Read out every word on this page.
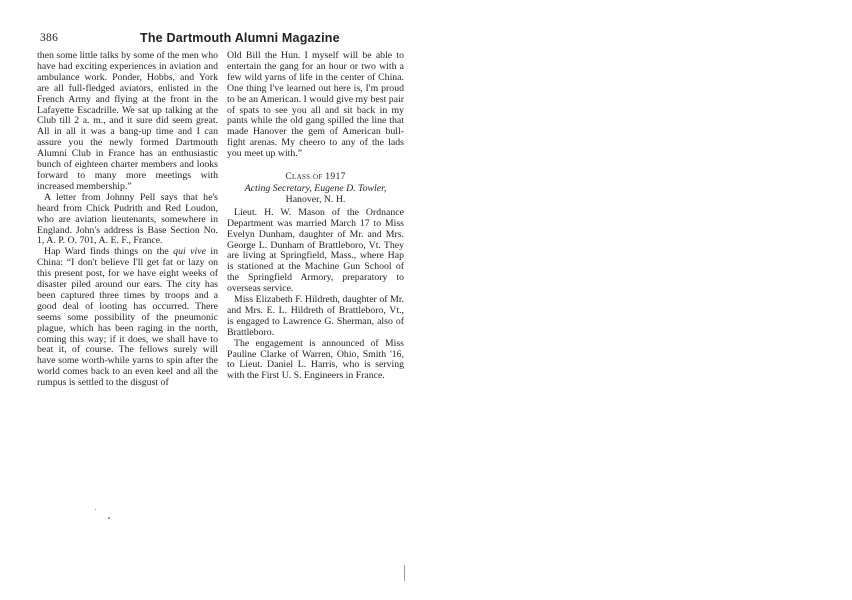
386	The Dartmouth Alumni Magazine

then some little talks by some of the men who have had exciting experiences in aviation and ambulance work. Ponder, Hobbs, and York are all full-fledged aviators, enlisted in the French Army and flying at the front in the Lafayette Escadrille. We sat up talking at the Club till 2 a. m., and it sure did seem great. All in all it was a bang-up time and I can assure you the newly formed Dartmouth Alumni Club in France has an enthusiastic bunch of eighteen charter members and looks forward to many more meetings with increased membership.”

A letter from Johnny Pell says that he's heard from Chick Pudrith and Red Loudon, who are aviation lieutenants, somewhere in England. John's address is Base Section No. 1, A. P. O. 701, A. E. F., France.

Hap Ward finds things on the qui vive in China: “I don't believe I'll get fat or lazy on this present post, for we have eight weeks of disaster piled around our ears. The city has been captured three times by troops and a good deal of looting has occurred. There seems some possibility of the pneumonic plague, which has been raging in the north, coming this way; if it does, we shall have to beat it, of course. The fellows surely will have some worth-while yarns to spin after the world comes back to an even keel and all the rumpus is settled to the disgust of

Old Bill the Hun. I myself will be able to entertain the gang for an hour or two with a few wild yarns of life in the center of China. One thing I've learned out here is, I'm proud to be an American. I would give my best pair of spats to see you all and sit back in my pants while the old gang spilled the line that made Hanover the gem of American bull-fight arenas. My cheero to any of the lads you meet up with.”

Class of 1917
Acting Secretary, Eugene D. Towler, Hanover, N. H.

Lieut. H. W. Mason of the Ordnance Department was married March 17 to Miss Evelyn Dunham, daughter of Mr. and Mrs. George L. Dunham of Brattleboro, Vt. They are living at Springfield, Mass., where Hap is stationed at the Machine Gun School of the Springfield Armory, preparatory to overseas service.

Miss Elizabeth F. Hildreth, daughter of Mr. and Mrs. E. L. Hildreth of Brattleboro, Vt., is engaged to Lawrence G. Sherman, also of Brattleboro.

The engagement is announced of Miss Pauline Clarke of Warren, Ohio, Smith '16, to Lieut. Daniel L. Harris, who is serving with the First U. S. Engineers in France.
